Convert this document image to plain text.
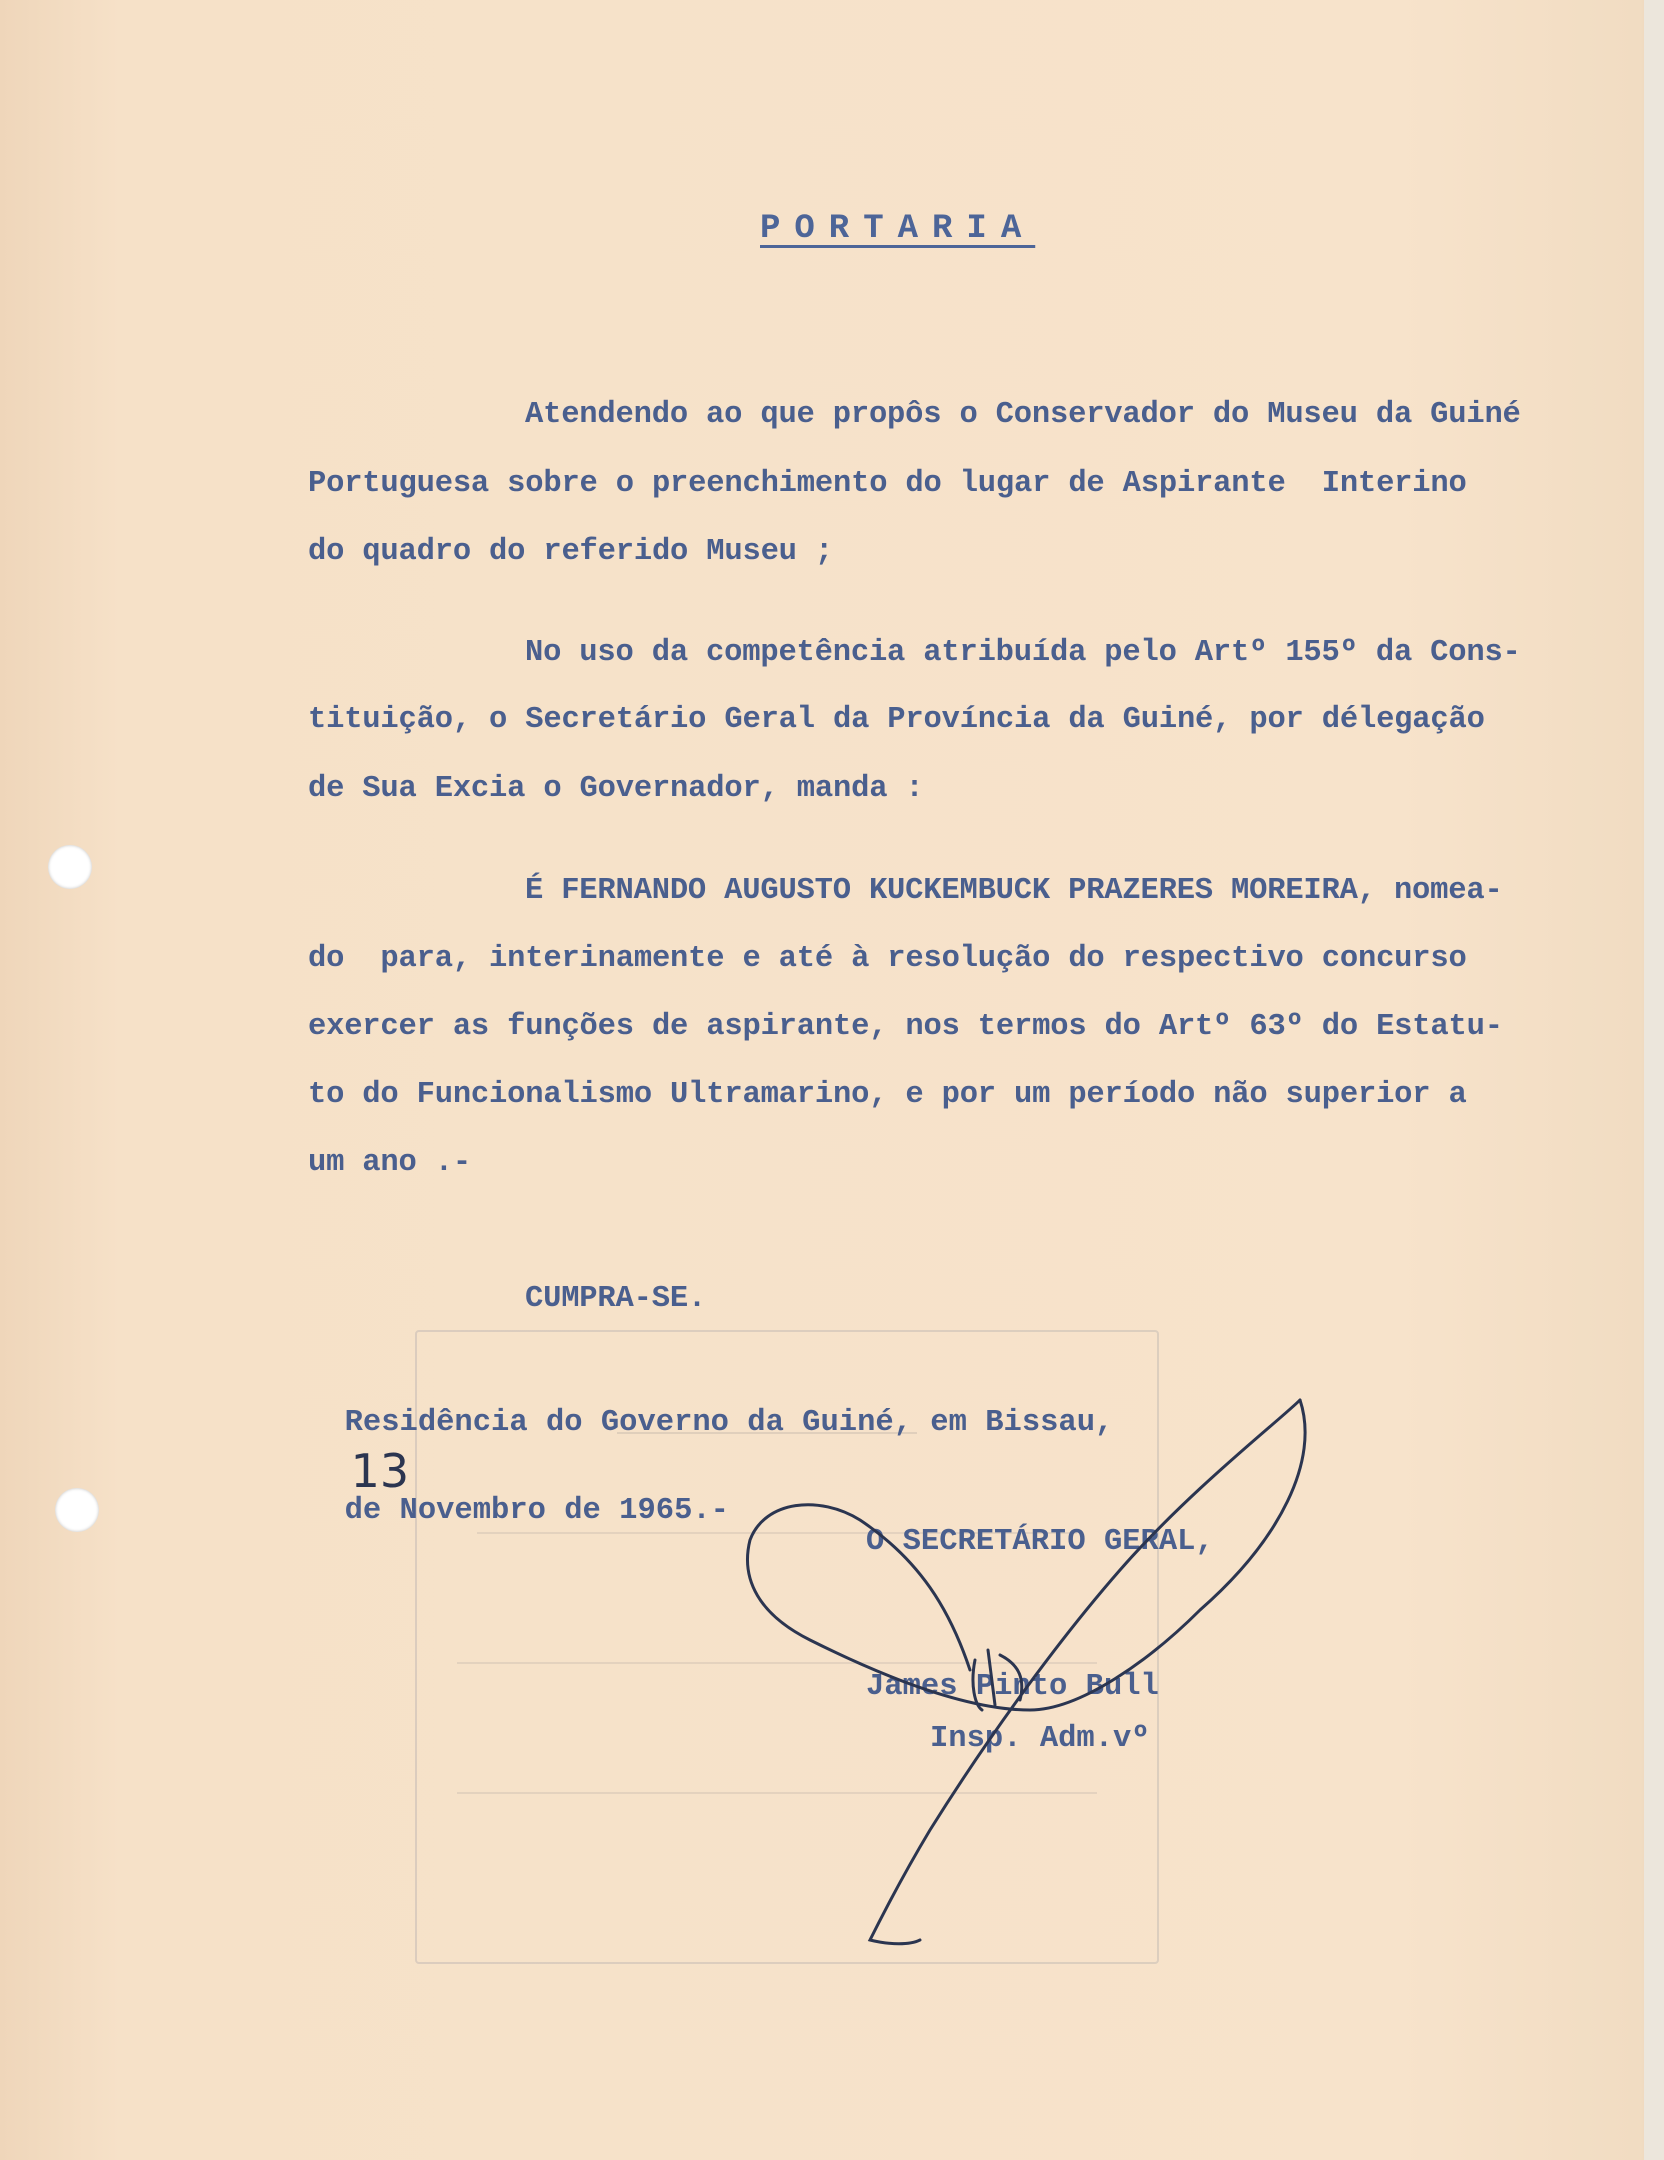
PORTARIA
Atendendo ao que propôs o Conservador do Museu da Guiné
Portuguesa sobre o preenchimento do lugar de Aspirante  Interino
do quadro do referido Museu ;
No uso da competência atribuída pelo Artº 155º da Cons-
tituição, o Secretário Geral da Província da Guiné, por délegação
de Sua Excia o Governador, manda :
É FERNANDO AUGUSTO KUCKEMBUCK PRAZERES MOREIRA, nomea-
do  para, interinamente e até à resolução do respectivo concurso
exercer as funções de aspirante, nos termos do Artº 63º do Estatu-
to do Funcionalismo Ultramarino, e por um período não superior a
um ano .-
CUMPRA-SE.

Residência do Governo da Guiné, em Bissau,
13
de Novembro de 1965.-

O SECRETÁRIO GERAL,
James Pinto Bull
Insp. Adm.vº
